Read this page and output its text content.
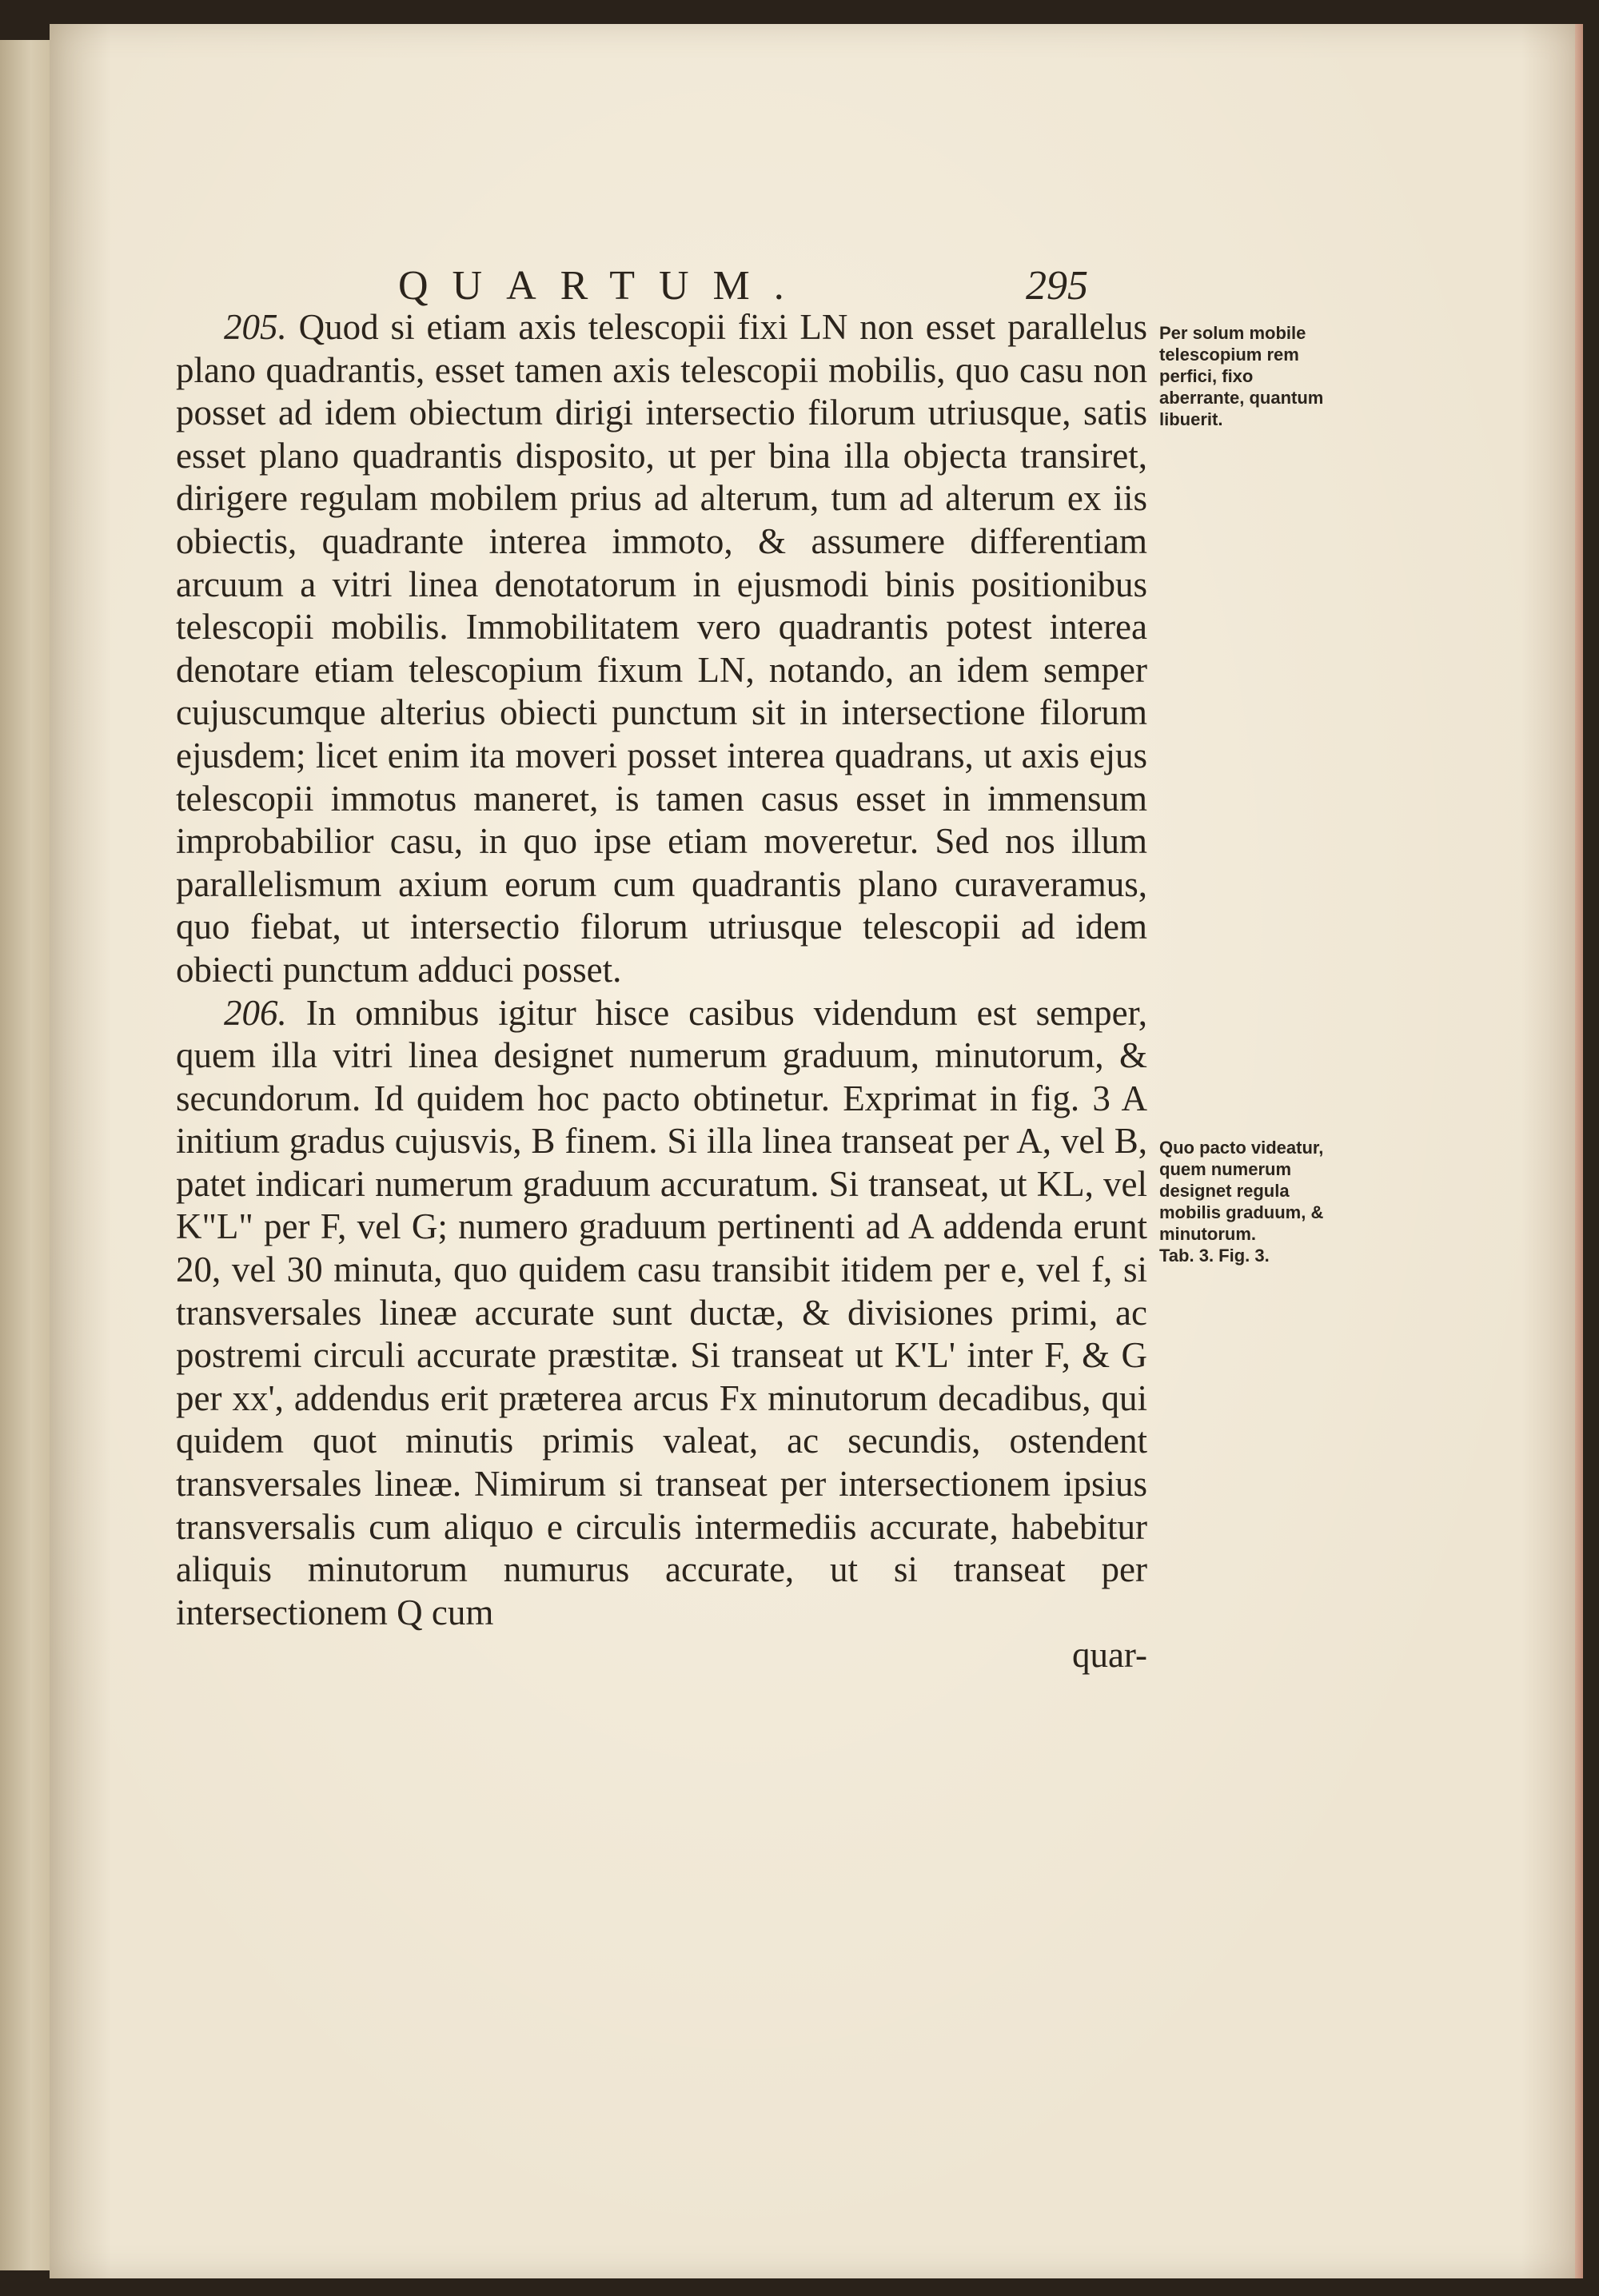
QUARTUM.	295

205. Quod si etiam axis telescopii fixi LN non esset parallelus plano quadrantis, esset tamen axis telescopii mobilis, quo casu non posset ad idem obiectum dirigi intersectio filorum utriusque, satis esset plano quadrantis disposito, ut per bina illa objecta transiret, dirigere regulam mobilem prius ad alterum, tum ad alterum ex iis obiectis, quadrante interea immoto, & assumere differentiam arcuum a vitri linea denotatorum in ejusmodi binis positionibus telescopii mobilis. Immobilitatem vero quadrantis potest interea denotare etiam telescopium fixum LN, notando, an idem semper cujuscumque alterius obiecti punctum sit in intersectione filorum ejusdem; licet enim ita moveri posset interea quadrans, ut axis ejus telescopii immotus maneret, is tamen casus esset in immensum improbabilior casu, in quo ipse etiam moveretur. Sed nos illum parallelismum axium eorum cum quadrantis plano curaveramus, quo fiebat, ut intersectio filorum utriusque telescopii ad idem obiecti punctum adduci posset.

206. In omnibus igitur hisce casibus videndum est semper, quem illa vitri linea designet numerum graduum, minutorum, & secundorum. Id quidem hoc pacto obtinetur. Exprimat in fig. 3 A initium gradus cujusvis, B finem. Si illa linea transeat per A, vel B, patet indicari numerum graduum accuratum. Si transeat, ut KL, vel K"L" per F, vel G; numero graduum pertinenti ad A addenda erunt 20, vel 30 minuta, quo quidem casu transibit itidem per e, vel f, si transversales lineæ accurate sunt ductæ, & divisiones primi, ac postremi circuli accurate præstitæ. Si transeat ut K'L' inter F, & G per xx', addendus erit præterea arcus Fx minutorum decadibus, qui quidem quot minutis primis valeat, ac secundis, ostendent transversales lineæ. Nimirum si transeat per intersectionem ipsius transversalis cum aliquo e circulis intermediis accurate, habebitur aliquis minutorum numurus accurate, ut si transeat per intersectionem Q cum
quar-

Per solum mobile telescopium rem perfici, fixo aberrante, quantum libuerit.
Quo pacto videatur, quem numerum designet regula mobilis graduum, & minutorum.
Tab. 3. Fig. 3.
